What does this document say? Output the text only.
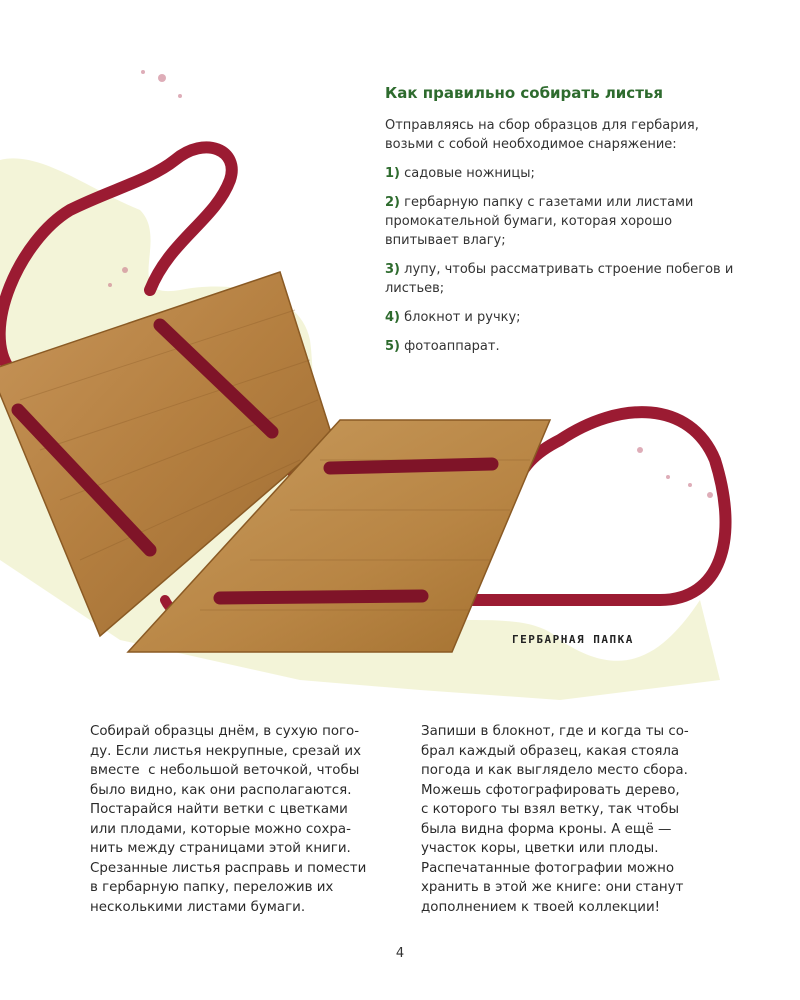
Как правильно собирать листья

Отправляясь на сбор образцов для гербария, возьми с собой необходимое снаряжение:

1) садовые ножницы;

2) гербарную папку с газетами или листами промокательной бумаги, которая хорошо впитывает влагу;

3) лупу, чтобы рассматривать строение побегов и листьев;

4) блокнот и ручку;

5) фотоаппарат.

ГЕРБАРНАЯ ПАПКА
Собирай образцы днём, в сухую пого-
ду. Если листья некрупные, срезай их
вместе  с небольшой веточкой, чтобы
было видно, как они располагаются.
Постарайся найти ветки с цветками
или плодами, которые можно сохра-
нить между страницами этой книги.
Срезанные листья расправь и помести
в гербарную папку, переложив их
несколькими листами бумаги.
Запиши в блокнот, где и когда ты со-
брал каждый образец, какая стояла
погода и как выглядело место сбора.
Можешь сфотографировать дерево,
с которого ты взял ветку, так чтобы
была видна форма кроны. А ещё —
участок коры, цветки или плоды.
Распечатанные фотографии можно
хранить в этой же книге: они станут
дополнением к твоей коллекции!
4
